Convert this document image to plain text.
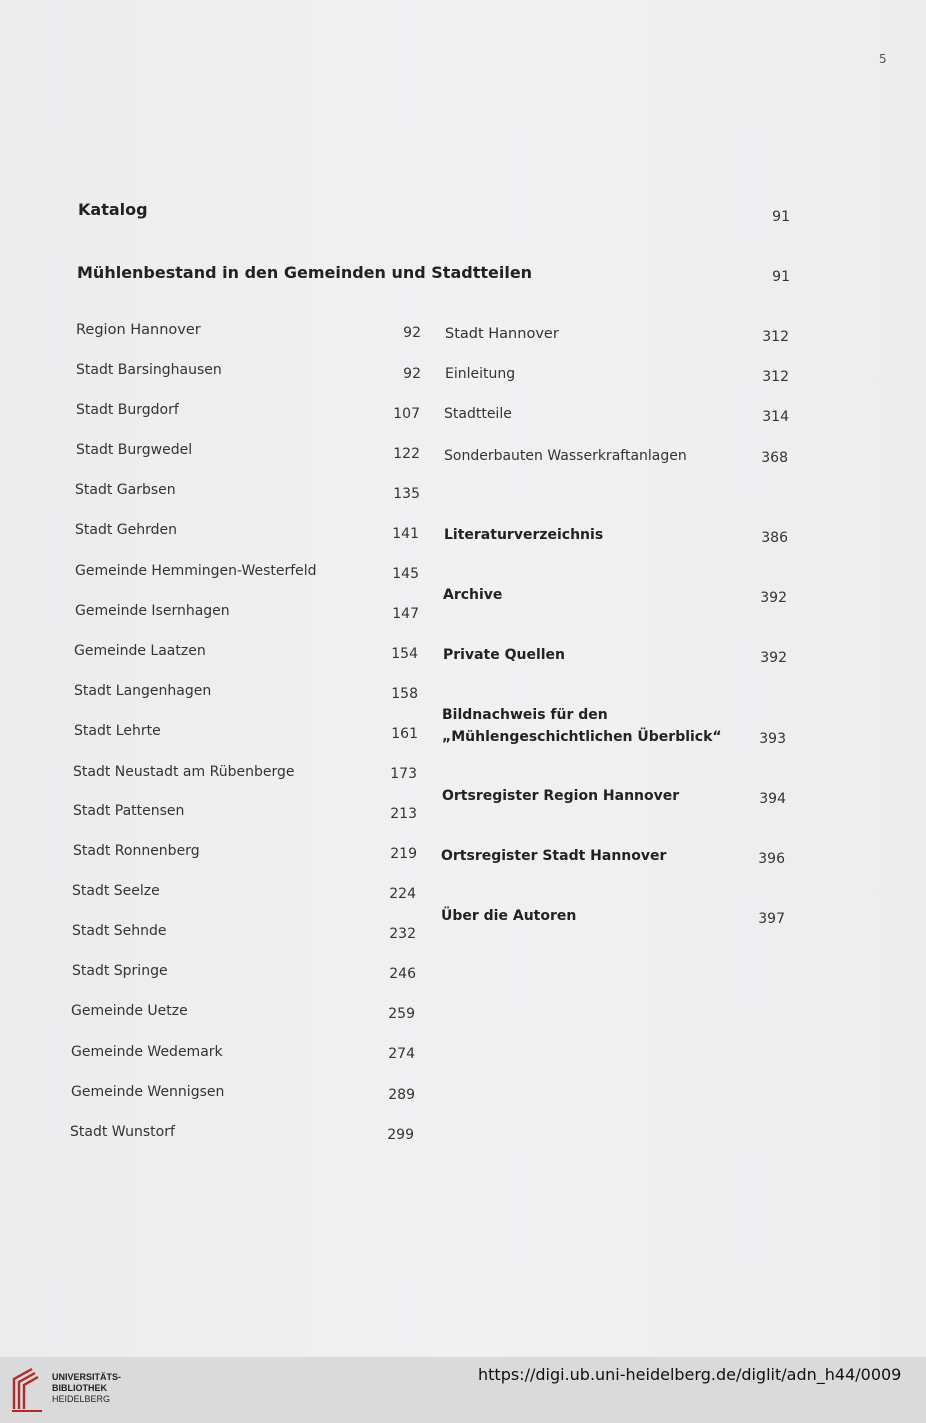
5
Katalog	91
Mühlenbestand in den Gemeinden und Stadtteilen	91
Region Hannover	92
Stadt Barsinghausen	92
Stadt Burgdorf	107
Stadt Burgwedel	122
Stadt Garbsen	135
Stadt Gehrden	141
Gemeinde Hemmingen-Westerfeld	145
Gemeinde Isernhagen	147
Gemeinde Laatzen	154
Stadt Langenhagen	158
Stadt Lehrte	161
Stadt Neustadt am Rübenberge	173
Stadt Pattensen	213
Stadt Ronnenberg	219
Stadt Seelze	224
Stadt Sehnde	232
Stadt Springe	246
Gemeinde Uetze	259
Gemeinde Wedemark	274
Gemeinde Wennigsen	289
Stadt Wunstorf	299
Stadt Hannover	312
Einleitung	312
Stadtteile	314
Sonderbauten Wasserkraftanlagen	368
Literaturverzeichnis	386
Archive	392
Private Quellen	392
Bildnachweis für den
„Mühlengeschichtlichen Überblick“	393
Ortsregister Region Hannover	394
Ortsregister Stadt Hannover	396
Über die Autoren	397
UNIVERSITÄTS-
BIBLIOTHEK
HEIDELBERG
https://digi.ub.uni-heidelberg.de/diglit/adn_h44/0009
